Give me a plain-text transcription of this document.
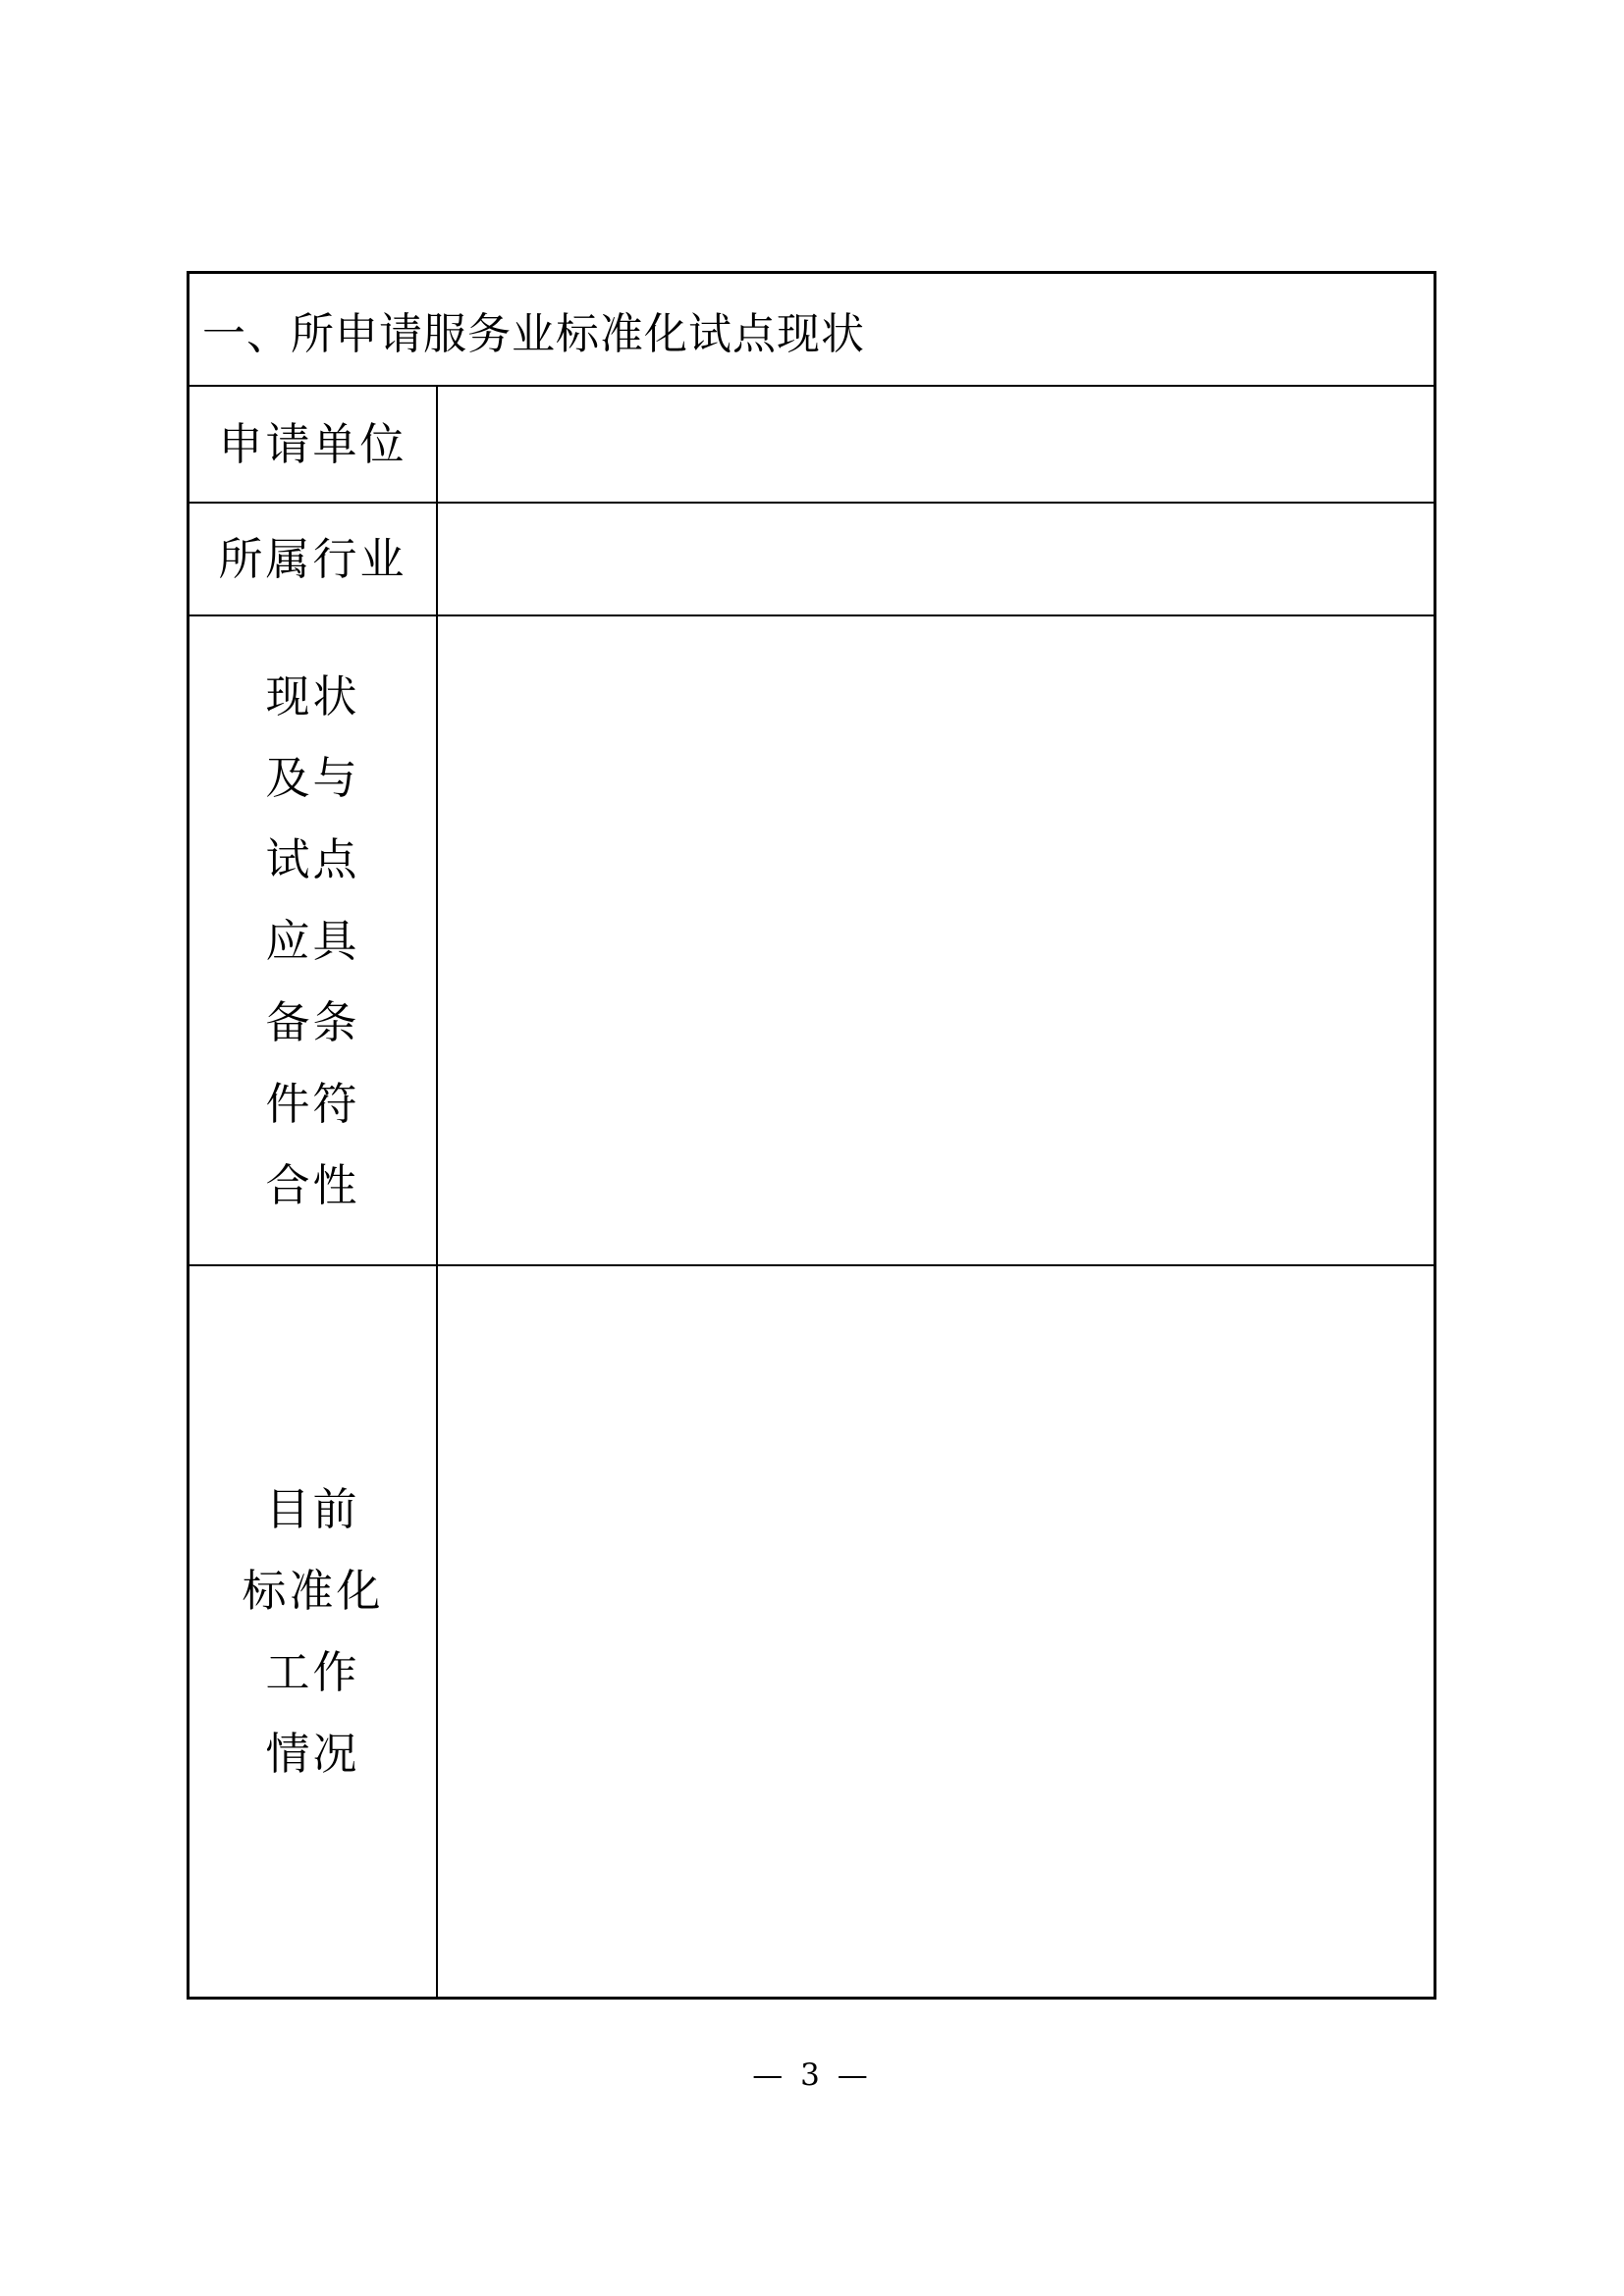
一、所申请服务业标准化试点现状
申请单位
所属行业
现状
及与
试点
应具
备条
件符
合性
目前
标准化
工作
情况
— 3 —
